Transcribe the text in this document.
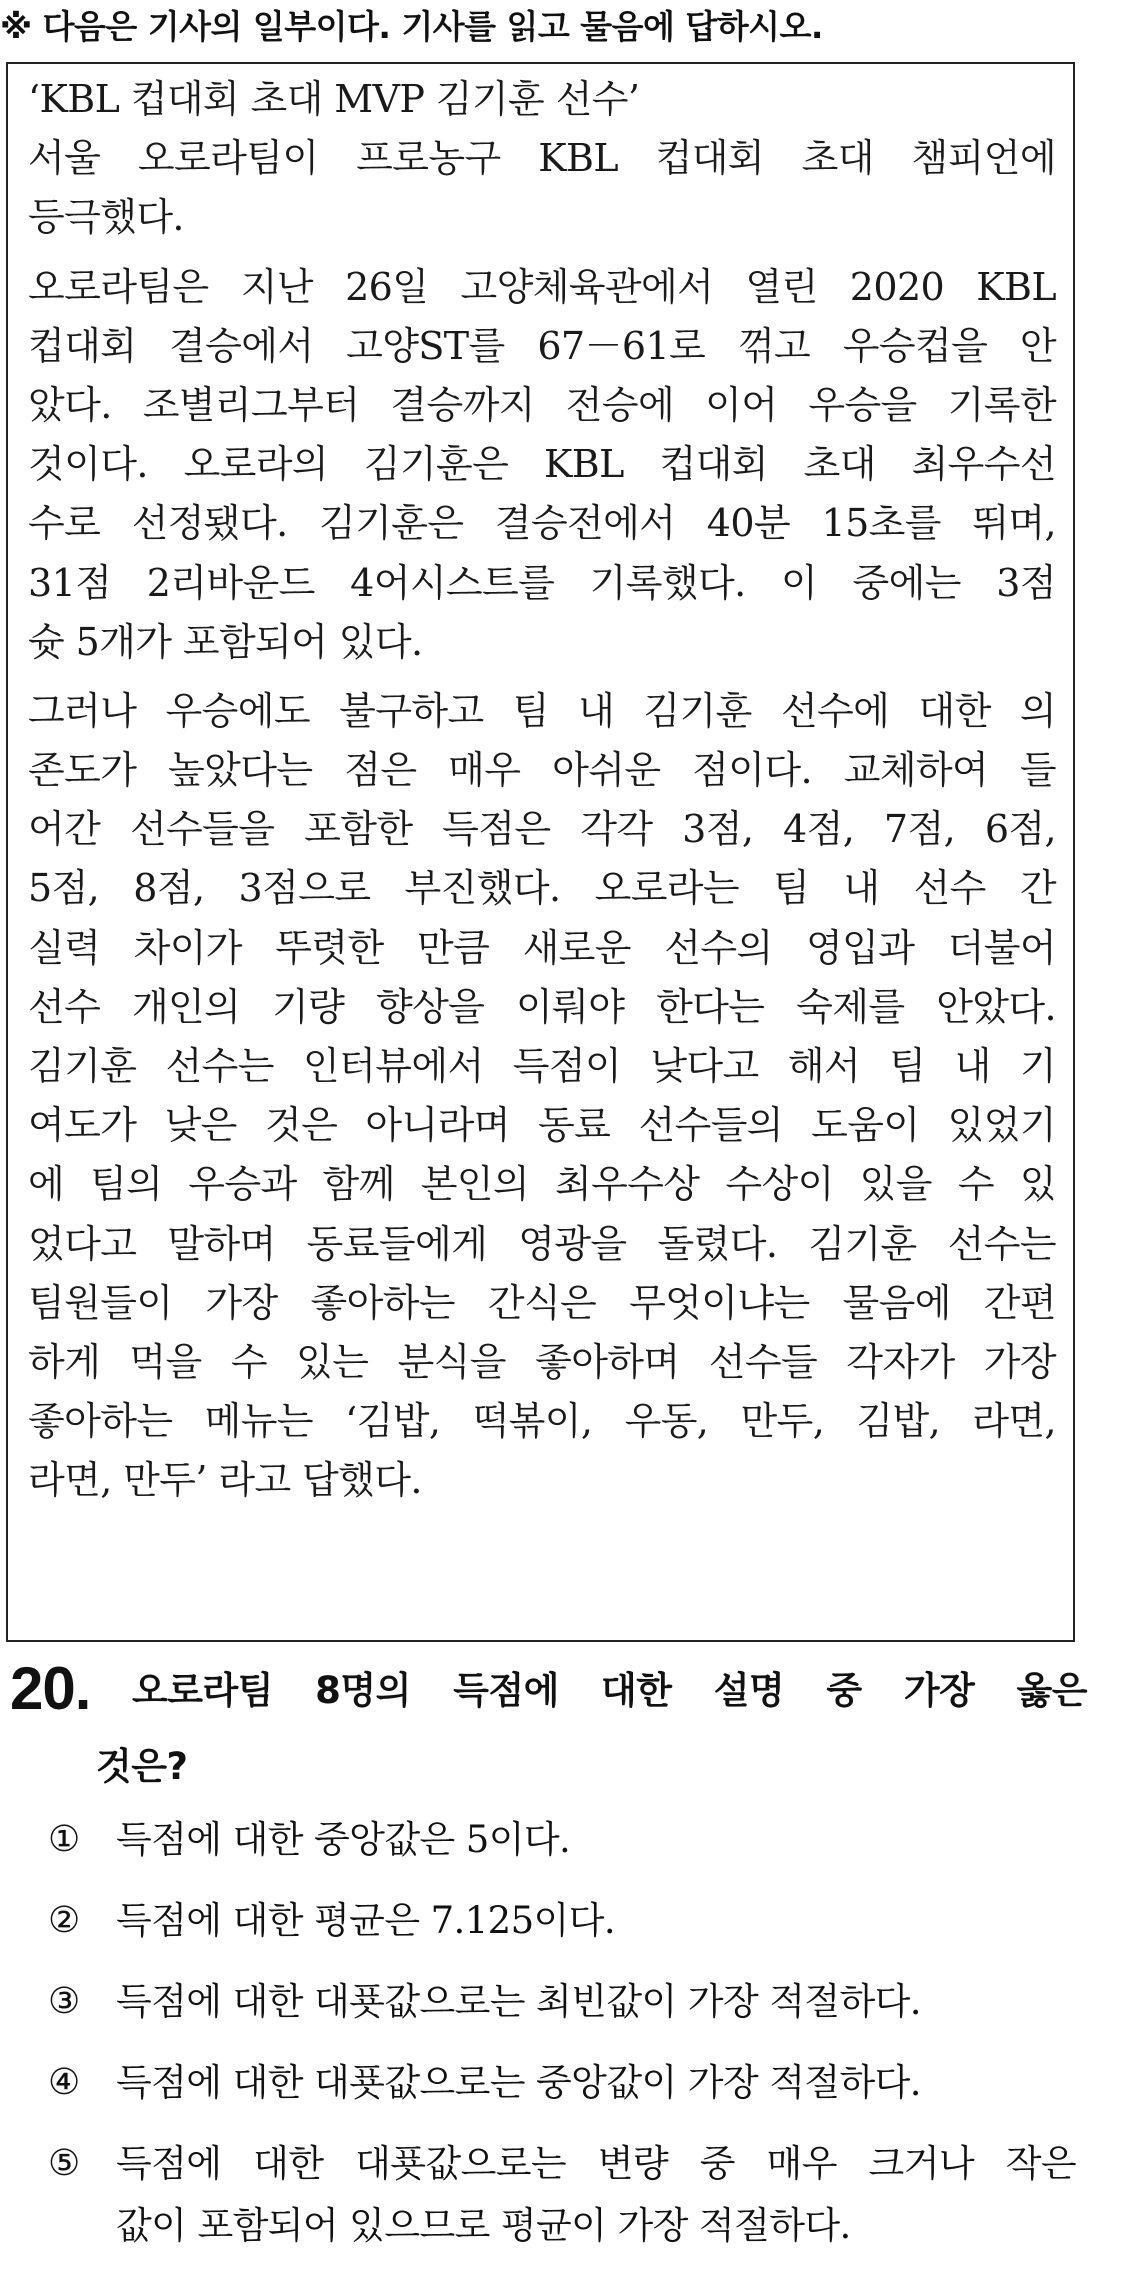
※ 다음은 기사의 일부이다. 기사를 읽고 물음에 답하시오.
‘KBL 컵대회 초대 MVP 김기훈 선수’
서울 오로라팀이 프로농구 KBL 컵대회 초대 챔피언에
등극했다.
오로라팀은 지난 26일 고양체육관에서 열린 2020 KBL
컵대회 결승에서 고양ST를 67－61로 꺾고 우승컵을 안
았다. 조별리그부터 결승까지 전승에 이어 우승을 기록한
것이다. 오로라의 김기훈은 KBL 컵대회 초대 최우수선
수로 선정됐다. 김기훈은 결승전에서 40분 15초를 뛰며,
31점 2리바운드 4어시스트를 기록했다. 이 중에는 3점
슛 5개가 포함되어 있다.
그러나 우승에도 불구하고 팀 내 김기훈 선수에 대한 의
존도가 높았다는 점은 매우 아쉬운 점이다. 교체하여 들
어간 선수들을 포함한 득점은 각각 3점, 4점, 7점, 6점,
5점, 8점, 3점으로 부진했다. 오로라는 팀 내 선수 간
실력 차이가 뚜렷한 만큼 새로운 선수의 영입과 더불어
선수 개인의 기량 향상을 이뤄야 한다는 숙제를 안았다.
김기훈 선수는 인터뷰에서 득점이 낮다고 해서 팀 내 기
여도가 낮은 것은 아니라며 동료 선수들의 도움이 있었기
에 팀의 우승과 함께 본인의 최우수상 수상이 있을 수 있
었다고 말하며 동료들에게 영광을 돌렸다. 김기훈 선수는
팀원들이 가장 좋아하는 간식은 무엇이냐는 물음에 간편
하게 먹을 수 있는 분식을 좋아하며 선수들 각자가 가장
좋아하는 메뉴는 ‘김밥, 떡볶이, 우동, 만두, 김밥, 라면,
라면, 만두’ 라고 답했다.
20. 오로라팀 8명의 득점에 대한 설명 중 가장 옳은
것은?
① 득점에 대한 중앙값은 5이다.
② 득점에 대한 평균은 7.125이다.
③ 득점에 대한 대푯값으로는 최빈값이 가장 적절하다.
④ 득점에 대한 대푯값으로는 중앙값이 가장 적절하다.
⑤ 득점에 대한 대푯값으로는 변량 중 매우 크거나 작은
값이 포함되어 있으므로 평균이 가장 적절하다.
